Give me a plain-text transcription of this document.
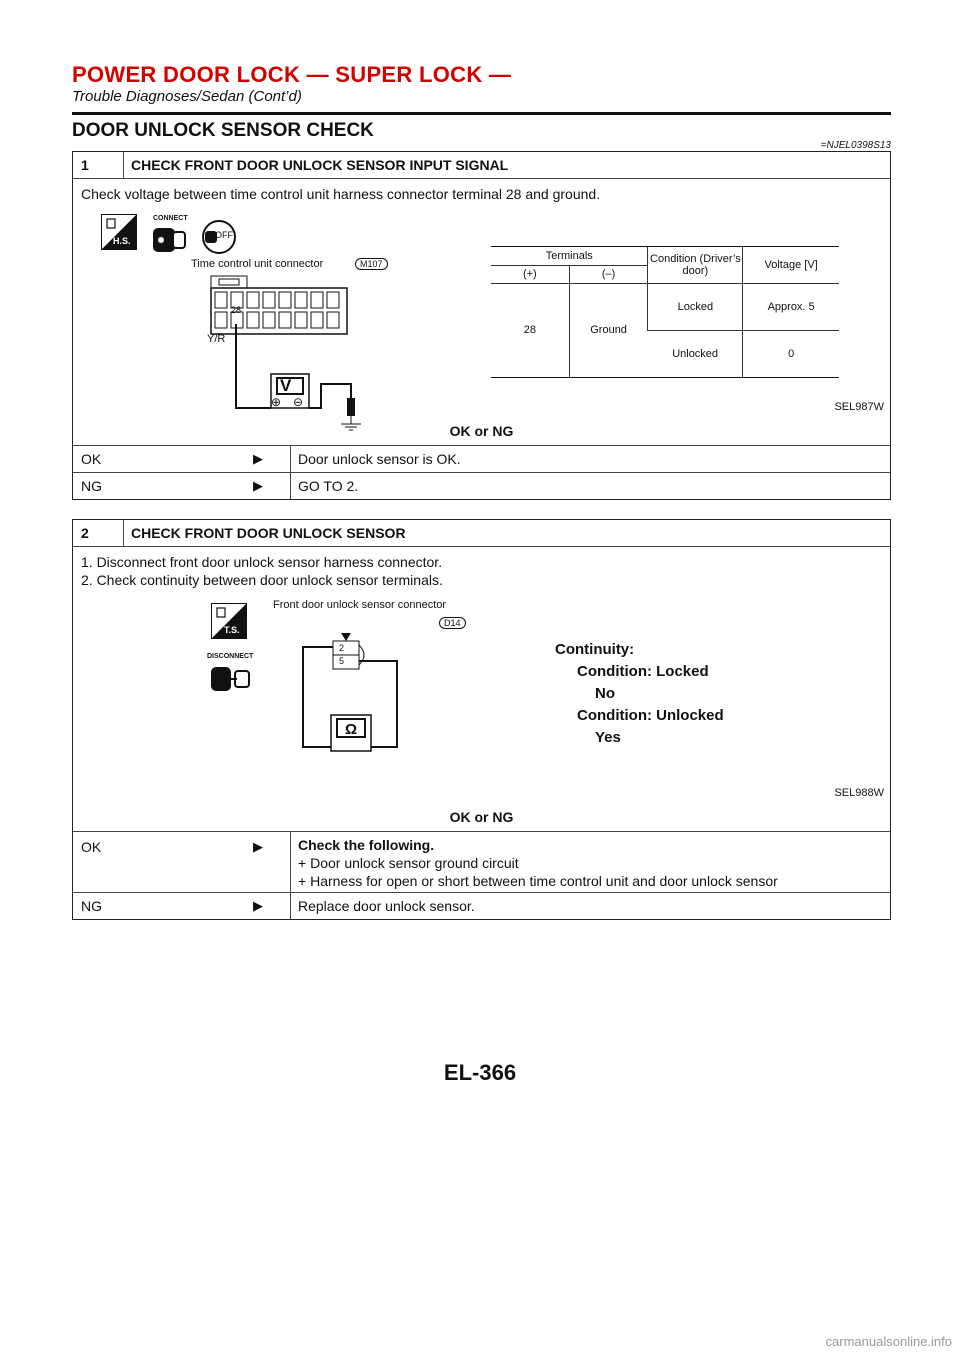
POWER DOOR LOCK — SUPER LOCK —
Trouble Diagnoses/Sedan (Cont’d)
DOOR UNLOCK SENSOR CHECK
=NJEL0398S13
1	CHECK FRONT DOOR UNLOCK SENSOR INPUT SIGNAL
Check voltage between time control unit harness connector terminal 28 and ground.
H.S.
CONNECT
OFF
Time control unit connector	M107
28
Y/R
V
⊕ ⊖
Terminals		Condition (Driver’s door)	Voltage [V]
(+)	(–)		
28	Ground	Locked	Approx. 5
		Unlocked	0
SEL987W
OK or NG
OK	▶	Door unlock sensor is OK.
NG	▶	GO TO 2.
2	CHECK FRONT DOOR UNLOCK SENSOR
1. Disconnect front door unlock sensor harness connector.
2. Check continuity between door unlock sensor terminals.
T.S.
DISCONNECT
Front door unlock sensor connector
D14
2
5
Ω
Continuity:
Condition: Locked
No
Condition: Unlocked
Yes
SEL988W
OK or NG
OK	▶	Check the following.
+ Door unlock sensor ground circuit
+ Harness for open or short between time control unit and door unlock sensor
NG	▶	Replace door unlock sensor.
EL-366
carmanualsonline.info
